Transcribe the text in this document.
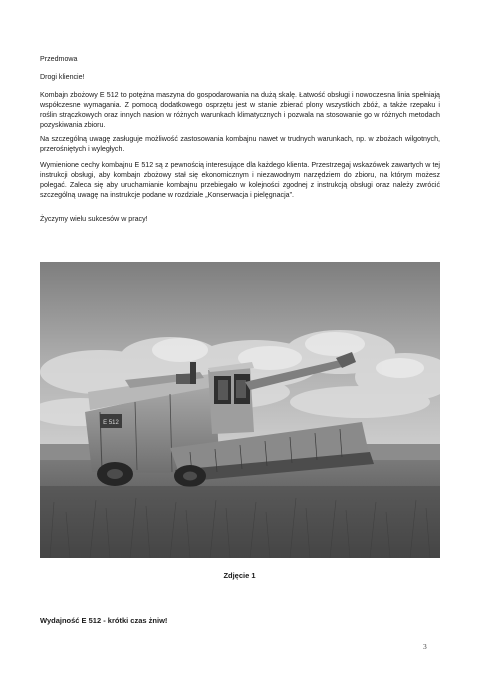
Przedmowa

Drogi kliencie!

Kombajn zbożowy E 512 to potężna maszyna do gospodarowania na dużą skalę. Łatwość obsługi i nowoczesna linia spełniają współczesne wymagania. Z pomocą dodatkowego osprzętu jest w stanie zbierać plony wszystkich zbóż, a także rzepaku i roślin strączkowych oraz innych nasion w różnych warunkach klimatycznych i pozwala na stosowanie go w różnych metodach pozyskiwania zbioru.

Na szczególną uwagę zasługuje możliwość zastosowania kombajnu nawet w trudnych warunkach, np. w zbożach wilgotnych, przerośniętych i wyległych.

Wymienione cechy kombajnu E 512 są z pewnością interesujące dla każdego klienta. Przestrzegaj wskazówek zawartych w tej instrukcji obsługi, aby kombajn zbożowy stał się ekonomicznym i niezawodnym narzędziem do zbioru, na którym możesz polegać. Zaleca się aby uruchamianie kombajnu przebiegało w kolejności zgodnej z instrukcją obsługi oraz należy zwrócić szczególną uwagę na instrukcje podane w rozdziale „Konserwacja i pielęgnacja”.

Życzymy wielu sukcesów w pracy!

E 512

Zdjęcie 1

Wydajność E 512 - krótki czas żniw!

3
